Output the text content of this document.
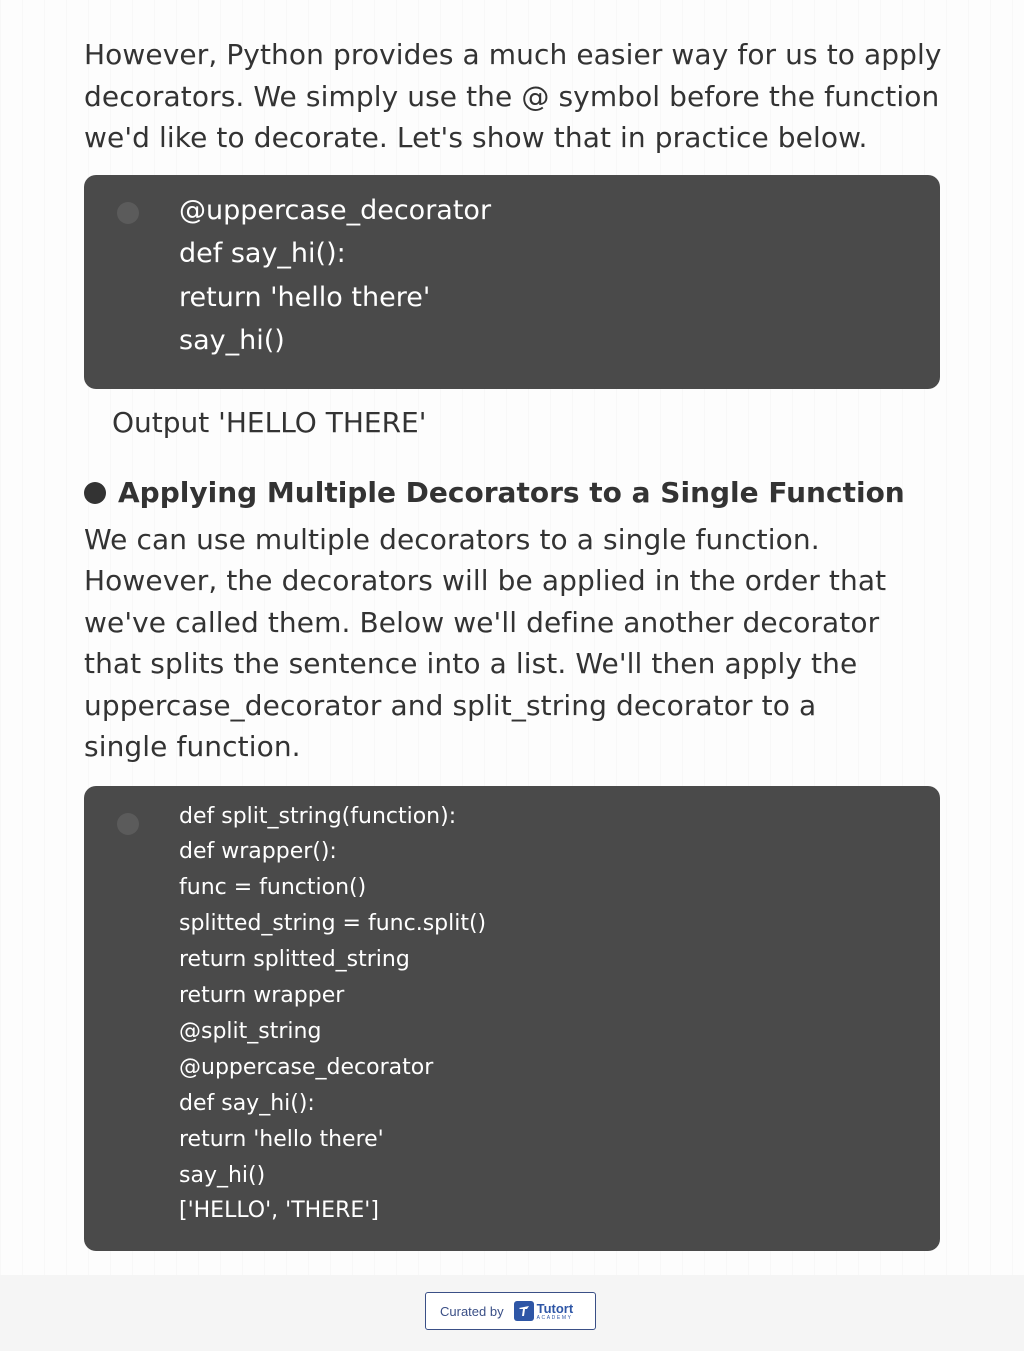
However, Python provides a much easier way for us to apply
decorators. We simply use the @ symbol before the function
we'd like to decorate. Let's show that in practice below.

@uppercase_decorator
def say_hi():
return 'hello there'
say_hi()
Output 'HELLO THERE'
Applying Multiple Decorators to a Single Function

We can use multiple decorators to a single function.
However, the decorators will be applied in the order that
we've called them. Below we'll define another decorator
that splits the sentence into a list. We'll then apply the
uppercase_decorator and split_string decorator to a
single function.

def split_string(function):
def wrapper():
func = function()
splitted_string = func.split()
return splitted_string
return wrapper
@split_string
@uppercase_decorator
def say_hi():
return 'hello there'
say_hi()
['HELLO', 'THERE']
Curated by	Tutort
ACADEMY
